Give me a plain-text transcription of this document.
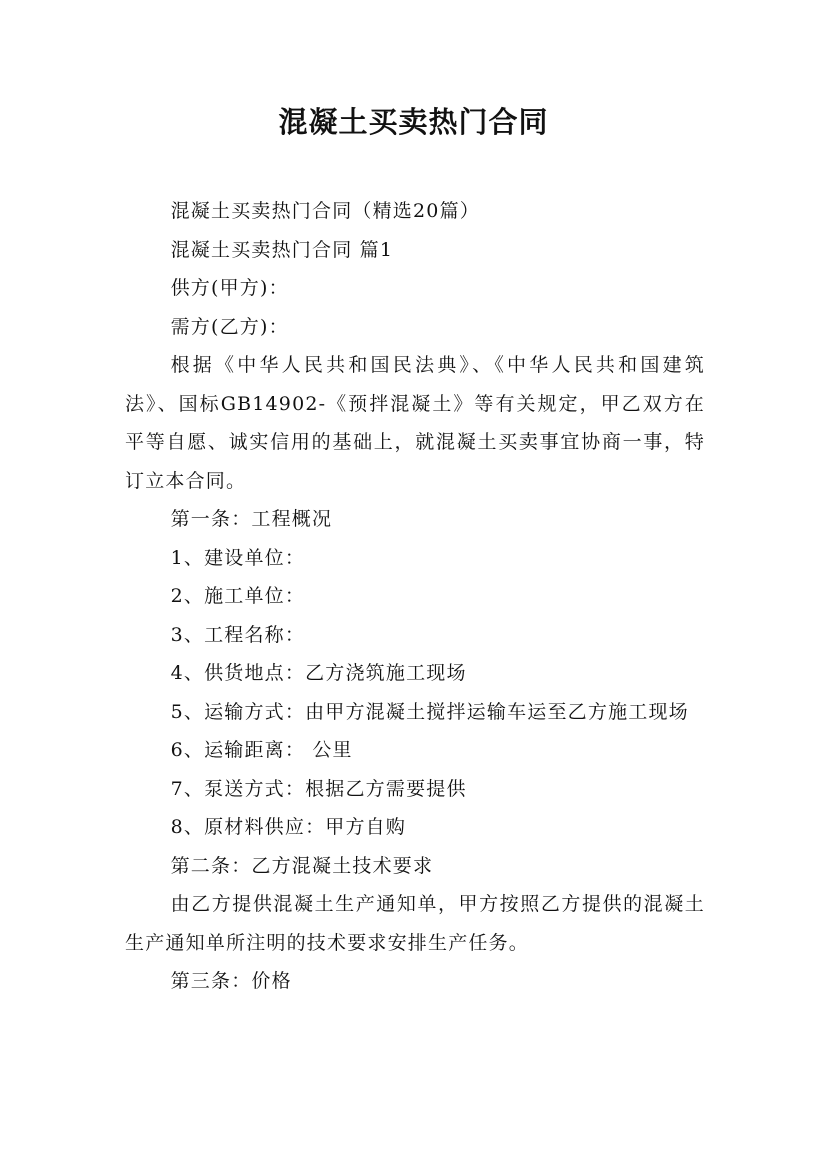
混凝土买卖热门合同

混凝土买卖热门合同（精选20篇）

混凝土买卖热门合同 篇1

供方(甲方)：

需方(乙方)：

根据《中华人民共和国民法典》、《中华人民共和国建筑法》、国标GB14902-《预拌混凝土》等有关规定，甲乙双方在平等自愿、诚实信用的基础上，就混凝土买卖事宜协商一事，特订立本合同。

第一条：工程概况

1、建设单位：

2、施工单位：

3、工程名称：

4、供货地点：乙方浇筑施工现场

5、运输方式：由甲方混凝土搅拌运输车运至乙方施工现场

6、运输距离： 公里

7、泵送方式：根据乙方需要提供

8、原材料供应：甲方自购

第二条：乙方混凝土技术要求

由乙方提供混凝土生产通知单，甲方按照乙方提供的混凝土生产通知单所注明的技术要求安排生产任务。

第三条：价格
